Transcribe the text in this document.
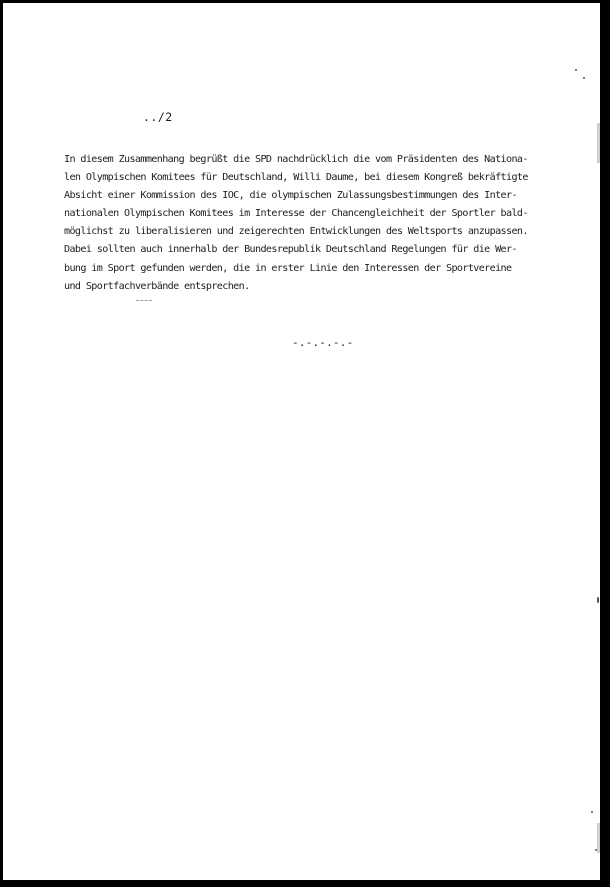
../2
In diesem Zusammenhang begrüßt die SPD nachdrücklich die vom Präsidenten des Nationa-
len Olympischen Komitees für Deutschland, Willi Daume, bei diesem Kongreß bekräftigte
Absicht einer Kommission des IOC, die olympischen Zulassungsbestimmungen des Inter-
nationalen Olympischen Komitees im Interesse der Chancengleichheit der Sportler bald-
möglichst zu liberalisieren und zeigerechten Entwicklungen des Weltsports anzupassen.
Dabei sollten auch innerhalb der Bundesrepublik Deutschland Regelungen für die Wer-
bung im Sport gefunden werden, die in erster Linie den Interessen der Sportvereine
und Sportfachverbände entsprechen.
-.-.-.-.-
